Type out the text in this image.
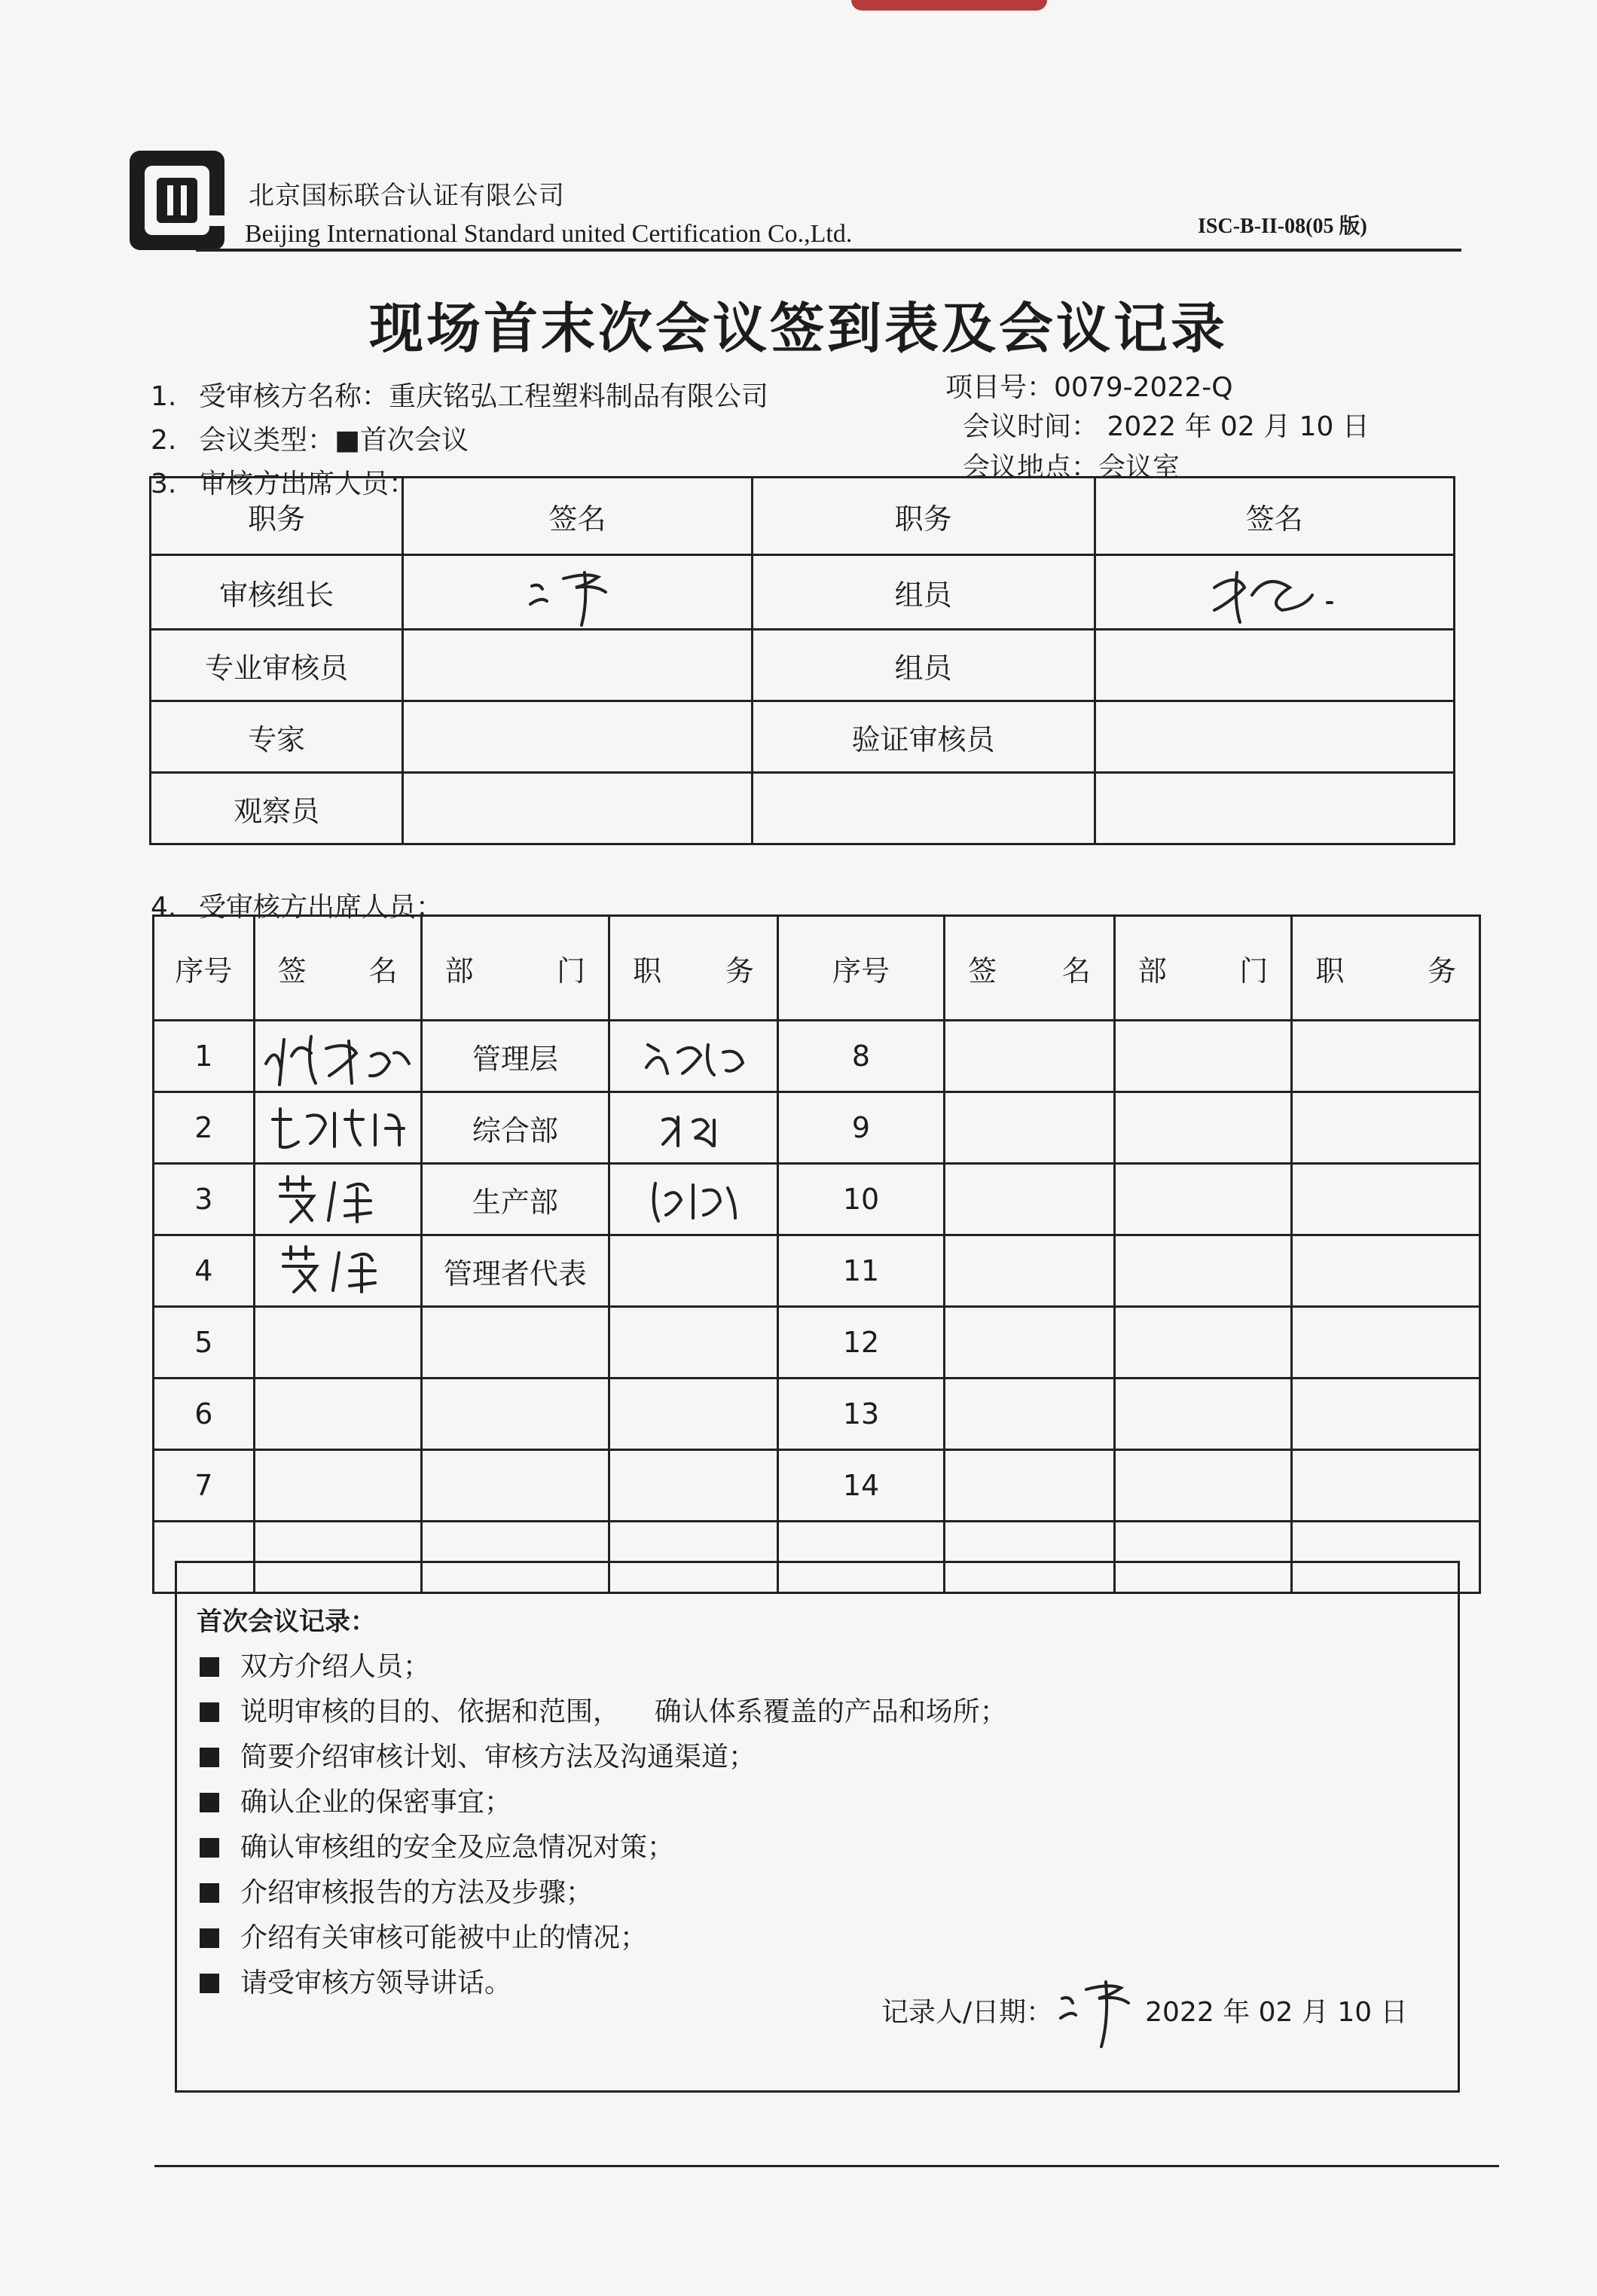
北京国标联合认证有限公司
Beijing International Standard united Certification Co.,Ltd.	ISC-B-II-08(05 版)
现场首末次会议签到表及会议记录
1. 受审核方名称：重庆铭弘工程塑料制品有限公司
2. 会议类型：■首次会议
3. 审核方出席人员：
项目号：0079-2022-Q
会议时间： 2022 年 02 月 10 日
会议地点：会议室
职务	签名	职务	签名
审核组长		组员	

专业审核员		组员	
专家		验证审核员	
观察员			
4. 受审核方出席人员：
序号	签 名	部 门	职 务	序号	签 名	部 门	职 务

1		管理层		8			
2		综合部		9			
3		生产部		10			
4		管理者代表		11			
5				12			
6				13			
7				14			

首次会议记录：
双方介绍人员；
说明审核的目的、依据和范围，    确认体系覆盖的产品和场所；
简要介绍审核计划、审核方法及沟通渠道；
确认企业的保密事宜；
确认审核组的安全及应急情况对策；
介绍审核报告的方法及步骤；
介绍有关审核可能被中止的情况；
请受审核方领导讲话。
记录人/日期：	2022 年 02 月 10 日
